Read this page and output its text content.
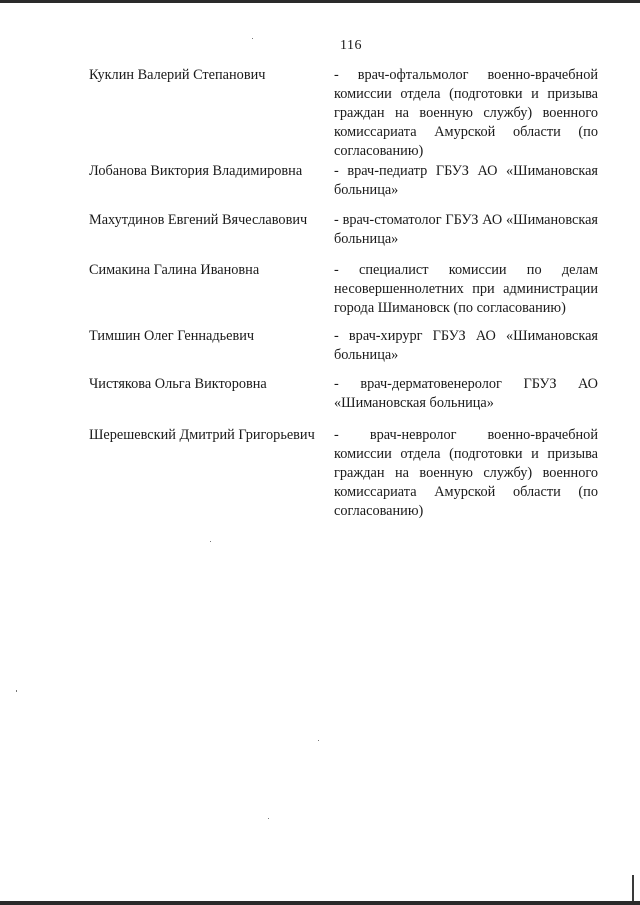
116
Куклин Валерий Степанович	- врач-офтальмолог военно-врачебной комиссии отдела (подготовки и призыва граждан на военную службу) военного комиссариата Амурской области (по согласованию)
Лобанова Виктория Владимировна - врач-педиатр ГБУЗ АО «Шимановская больница»
Махутдинов Евгений Вячеславович - врач-стоматолог ГБУЗ АО «Шимановская больница»
Симакина Галина Ивановна	- специалист комиссии по делам несовершеннолетних при администрации города Шимановск (по согласованию)
Тимшин Олег Геннадьевич	- врач-хирург ГБУЗ АО «Шимановская больница»
Чистякова Ольга Викторовна	- врач-дерматовенеролог ГБУЗ АО «Шимановская больница»
Шерешевский Дмитрий Григорьевич - врач-невролог военно-врачебной комиссии отдела (подготовки и призыва граждан на военную службу) военного комиссариата Амурской области (по согласованию)
